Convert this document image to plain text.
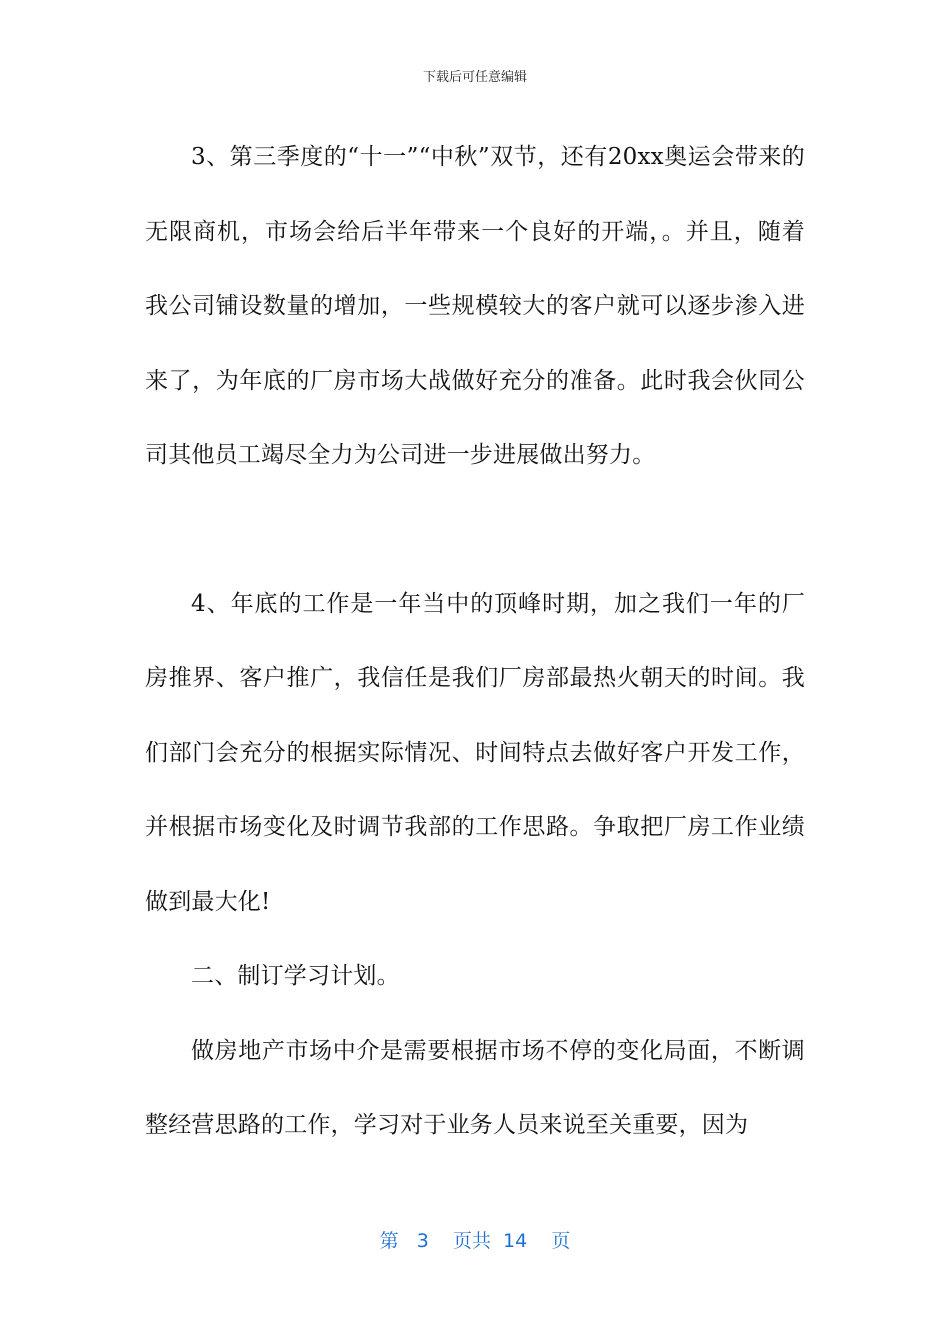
下载后可任意编辑

3、第三季度的“十一”“中秋”双节，还有20xx奥运会带来的无限商机，市场会给后半年带来一个良好的开端，。并且，随着我公司铺设数量的增加，一些规模较大的客户就可以逐步渗入进来了，为年底的厂房市场大战做好充分的准备。此时我会伙同公司其他员工竭尽全力为公司进一步进展做出努力。

4、年底的工作是一年当中的顶峰时期，加之我们一年的厂房推界、客户推广，我信任是我们厂房部最热火朝天的时间。我们部门会充分的根据实际情况、时间特点去做好客户开发工作，并根据市场变化及时调节我部的工作思路。争取把厂房工作业绩做到最大化!

二、制订学习计划。

做房地产市场中介是需要根据市场不停的变化局面，不断调整经营思路的工作，学习对于业务人员来说至关重要，因为

第   3    页共  14    页
